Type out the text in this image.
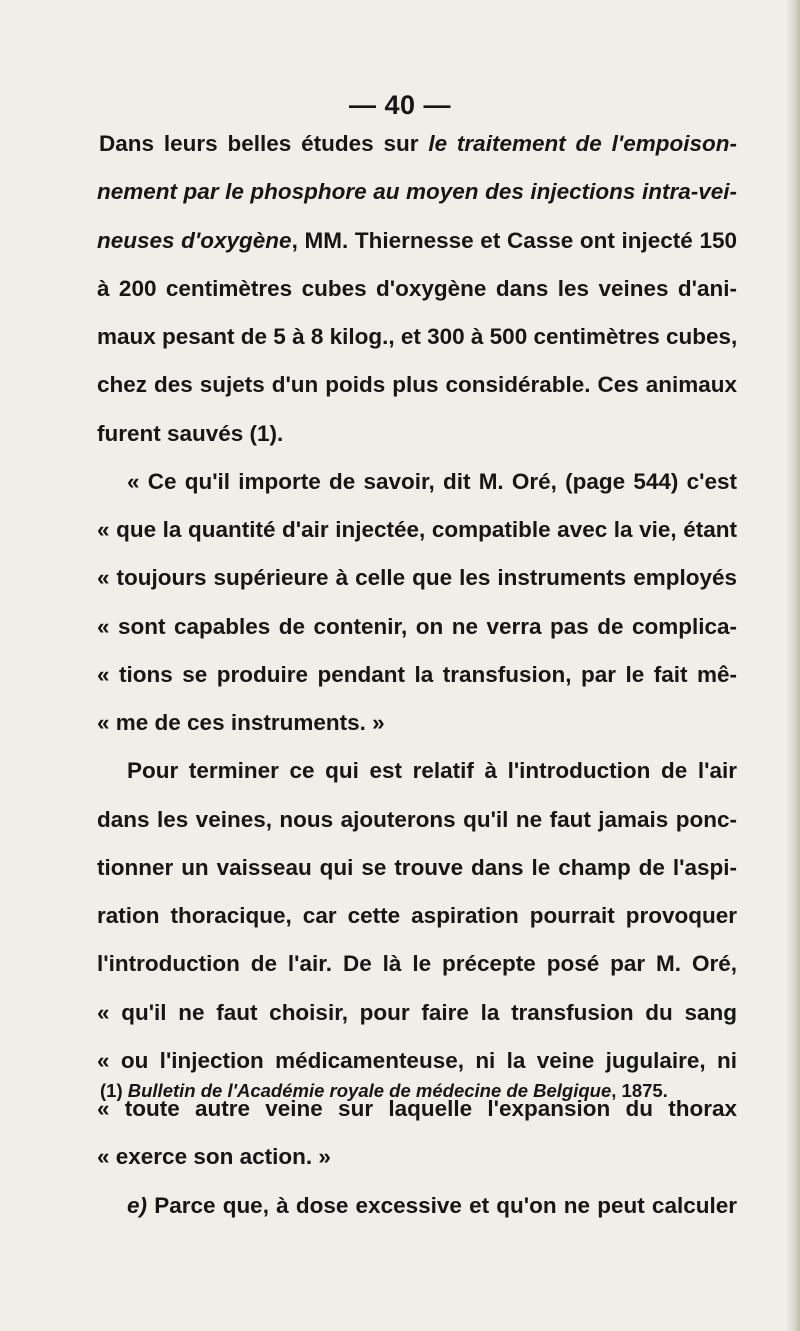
— 40 —
Dans leurs belles études sur le traitement de l'empoison-
nement par le phosphore au moyen des injections intra-vei-
neuses d'oxygène, MM. Thiernesse et Casse ont injecté 150
à 200 centimètres cubes d'oxygène dans les veines d'ani-
maux pesant de 5 à 8 kilog., et 300 à 500 centimètres cubes,
chez des sujets d'un poids plus considérable. Ces animaux
furent sauvés (1).
« Ce qu'il importe de savoir, dit M. Oré, (page 544) c'est
« que la quantité d'air injectée, compatible avec la vie, étant
« toujours supérieure à celle que les instruments employés
« sont capables de contenir, on ne verra pas de complica-
« tions se produire pendant la transfusion, par le fait mê-
« me de ces instruments. »
Pour terminer ce qui est relatif à l'introduction de l'air
dans les veines, nous ajouterons qu'il ne faut jamais ponc-
tionner un vaisseau qui se trouve dans le champ de l'aspi-
ration thoracique, car cette aspiration pourrait provoquer
l'introduction de l'air. De là le précepte posé par M. Oré,
« qu'il ne faut choisir, pour faire la transfusion du sang
« ou l'injection médicamenteuse, ni la veine jugulaire, ni
« toute autre veine sur laquelle l'expansion du thorax
« exerce son action. »
e) Parce que, à dose excessive et qu'on ne peut calculer
(1) Bulletin de l'Académie royale de médecine de Belgique, 1875.
